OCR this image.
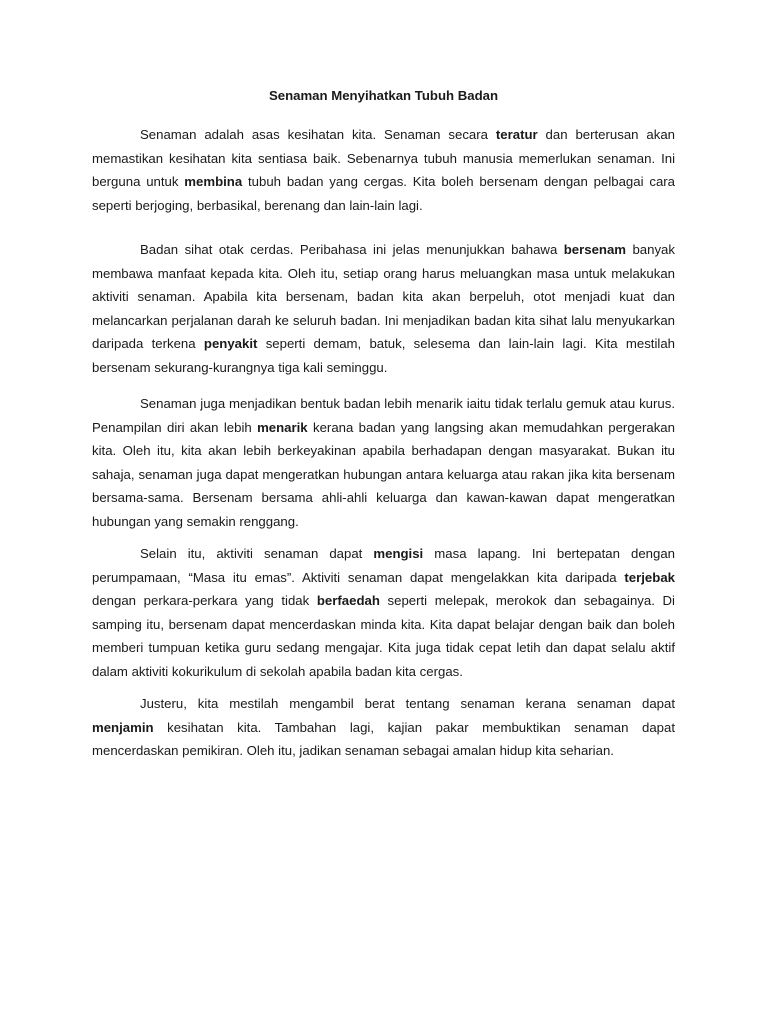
Senaman Menyihatkan Tubuh Badan

Senaman adalah asas kesihatan kita. Senaman secara teratur dan berterusan akan memastikan kesihatan kita sentiasa baik. Sebenarnya tubuh manusia memerlukan senaman. Ini berguna untuk membina tubuh badan yang cergas. Kita boleh bersenam dengan pelbagai cara seperti berjoging, berbasikal, berenang dan lain-lain lagi.

Badan sihat otak cerdas. Peribahasa ini jelas menunjukkan bahawa bersenam banyak membawa manfaat kepada kita. Oleh itu, setiap orang harus meluangkan masa untuk melakukan aktiviti senaman. Apabila kita bersenam, badan kita akan berpeluh, otot menjadi kuat dan melancarkan perjalanan darah ke seluruh badan. Ini menjadikan badan kita sihat lalu menyukarkan daripada terkena penyakit seperti demam, batuk, selesema dan lain-lain lagi. Kita mestilah bersenam sekurang-kurangnya tiga kali seminggu.

Senaman juga menjadikan bentuk badan lebih menarik iaitu tidak terlalu gemuk atau kurus. Penampilan diri akan lebih menarik kerana badan yang langsing akan memudahkan pergerakan kita. Oleh itu, kita akan lebih berkeyakinan apabila berhadapan dengan masyarakat. Bukan itu sahaja, senaman juga dapat mengeratkan hubungan antara keluarga atau rakan jika kita bersenam bersama-sama. Bersenam bersama ahli-ahli keluarga dan kawan-kawan dapat mengeratkan hubungan yang semakin renggang.

Selain itu, aktiviti senaman dapat mengisi masa lapang. Ini bertepatan dengan perumpamaan, “Masa itu emas”. Aktiviti senaman dapat mengelakkan kita daripada terjebak dengan perkara-perkara yang tidak berfaedah seperti melepak, merokok dan sebagainya. Di samping itu, bersenam dapat mencerdaskan minda kita. Kita dapat belajar dengan baik dan boleh memberi tumpuan ketika guru sedang mengajar. Kita juga tidak cepat letih dan dapat selalu aktif dalam aktiviti kokurikulum di sekolah apabila badan kita cergas.

Justeru, kita mestilah mengambil berat tentang senaman kerana senaman dapat menjamin kesihatan kita. Tambahan lagi, kajian pakar membuktikan senaman dapat mencerdaskan pemikiran. Oleh itu, jadikan senaman sebagai amalan hidup kita seharian.
